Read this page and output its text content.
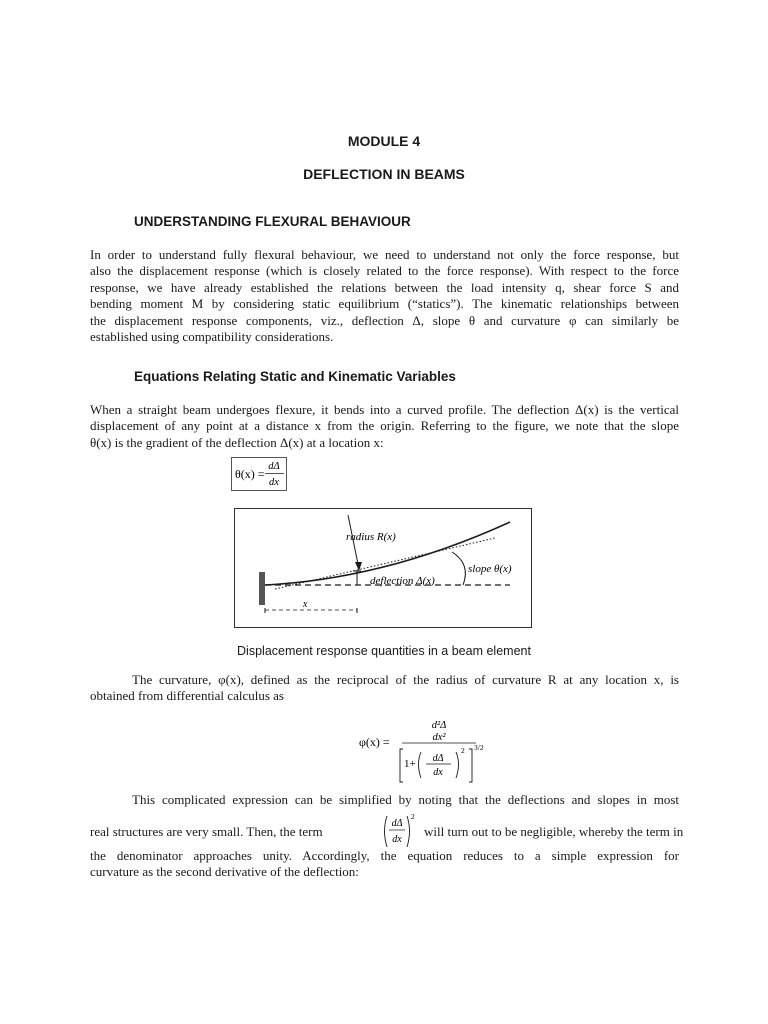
MODULE 4
DEFLECTION IN BEAMS
UNDERSTANDING FLEXURAL BEHAVIOUR

In order to understand fully flexural behaviour, we need to understand not only the force response, but
also the displacement response (which is closely related to the force response). With respect to the force
response, we have already established the relations between the load intensity q, shear force S and
bending moment M by considering static equilibrium (“statics”). The kinematic relationships between
the displacement response components, viz., deflection Δ, slope θ and curvature φ can similarly be
established using compatibility considerations.

Equations Relating Static and Kinematic Variables

When a straight beam undergoes flexure, it bends into a curved profile. The deflection Δ(x) is the vertical
displacement of any point at a distance x from the origin. Referring to the figure, we note that the slope
θ(x) is the gradient of the deflection Δ(x) at a location x:

θ(x) =
dΔ
dx
radius R(x)
slope θ(x)
deflection Δ(x)
x
Displacement response quantities in a beam element

The curvature, φ(x), defined as the reciprocal of the radius of curvature R at any location x, is
obtained from differential calculus as

φ(x) =
d²Δ
dx²
1+ dΔ
dx
2 3/2

This complicated expression can be simplified by noting that the deflections and slopes in most

real structures are very small. Then, the term
dΔ
dx
2
will turn out to be negligible, whereby the term in

the denominator approaches unity. Accordingly, the equation reduces to a simple expression for
curvature as the second derivative of the deflection:
